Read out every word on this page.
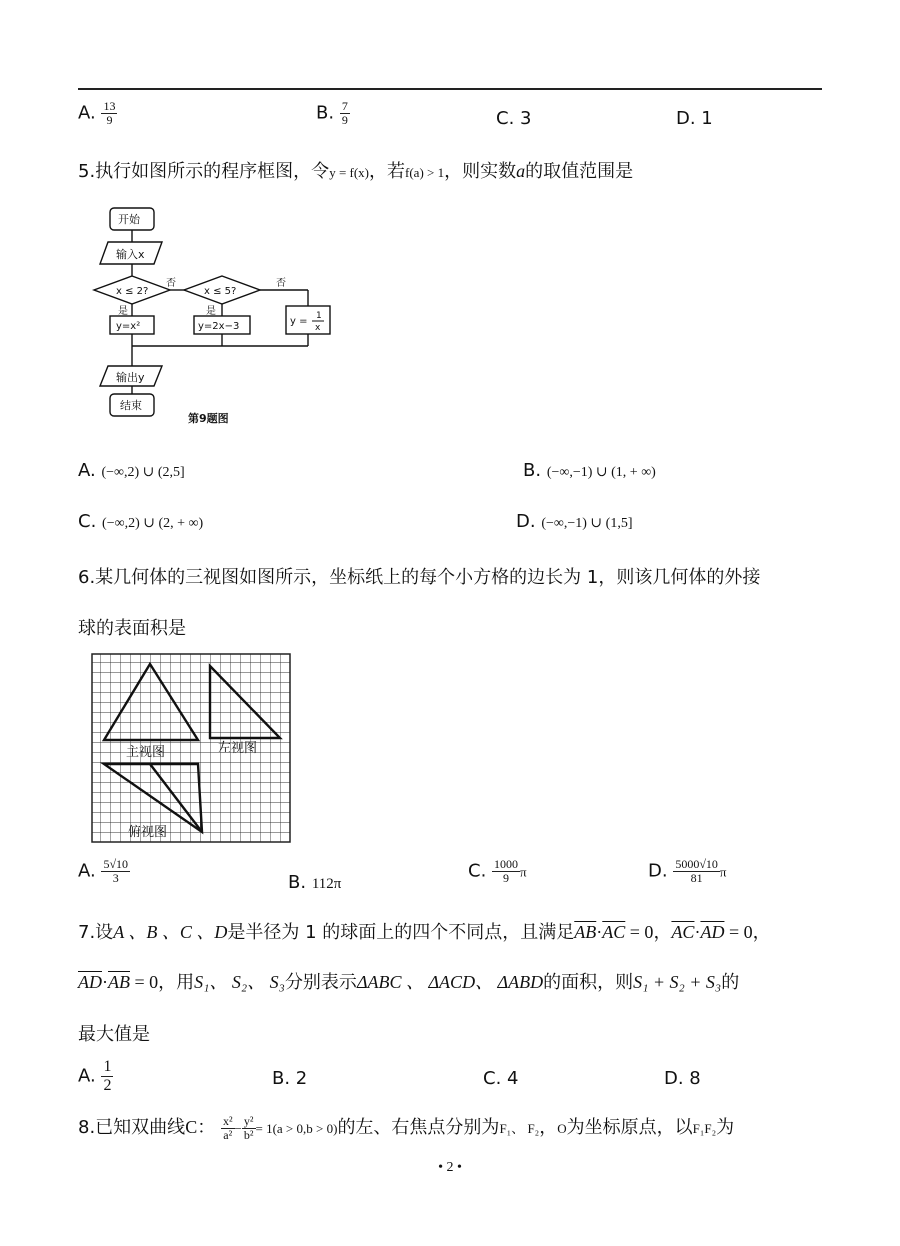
A. $\frac{13}{9}$	B. $\frac{7}{9}$	C. 3	D. 1
5.执行如图所示的程序框图，令y = f(x)，若f(a) > 1，则实数a的取值范围是
开始
输入x
x ≤ 2?	x ≤ 5?
否	否
是	是
y=x²	y=2x−3	y = 1
x
输出y
结束
第9题图
A. (−∞,2) ∪ (2,5]	B. (−∞,−1) ∪ (1, + ∞)
C. (−∞,2) ∪ (2, + ∞)	D. (−∞,−1) ∪ (1,5]
6.某几何体的三视图如图所示，坐标纸上的每个小方格的边长为 1，则该几何体的外接
球的表面积是
主视图	左视图
俯视图
A. $\frac{5√10}{3}$	B. 112π
C. $\frac{1000}{9}$ π	D. $\frac{5000√10}{81}$ π
7.设A 、B 、C 、D是半径为 1 的球面上的四个不同点，且满足$\overline{AB}\cdot\overline{AC} = 0$，$\overline{AC}\cdot\overline{AD} = 0$，
$\overline{AD}\cdot\overline{AB} = 0$，用S₁、 S₂、 S₃分别表示ΔABC 、 ΔACD、 ΔABD的面积，则S₁ + S₂ + S₃的
最大值是
A. $\frac{1}{2}$	B. 2	C. 4	D. 8
8.已知双曲线C： $\frac{\text{x²}}{\text{a²}} - \frac{\text{y²}}{\text{b²}} = 1(a > 0,b > 0)$的左、右焦点分别为F₁、 F₂，O为坐标原点，以F₁F₂为
• 2 •
